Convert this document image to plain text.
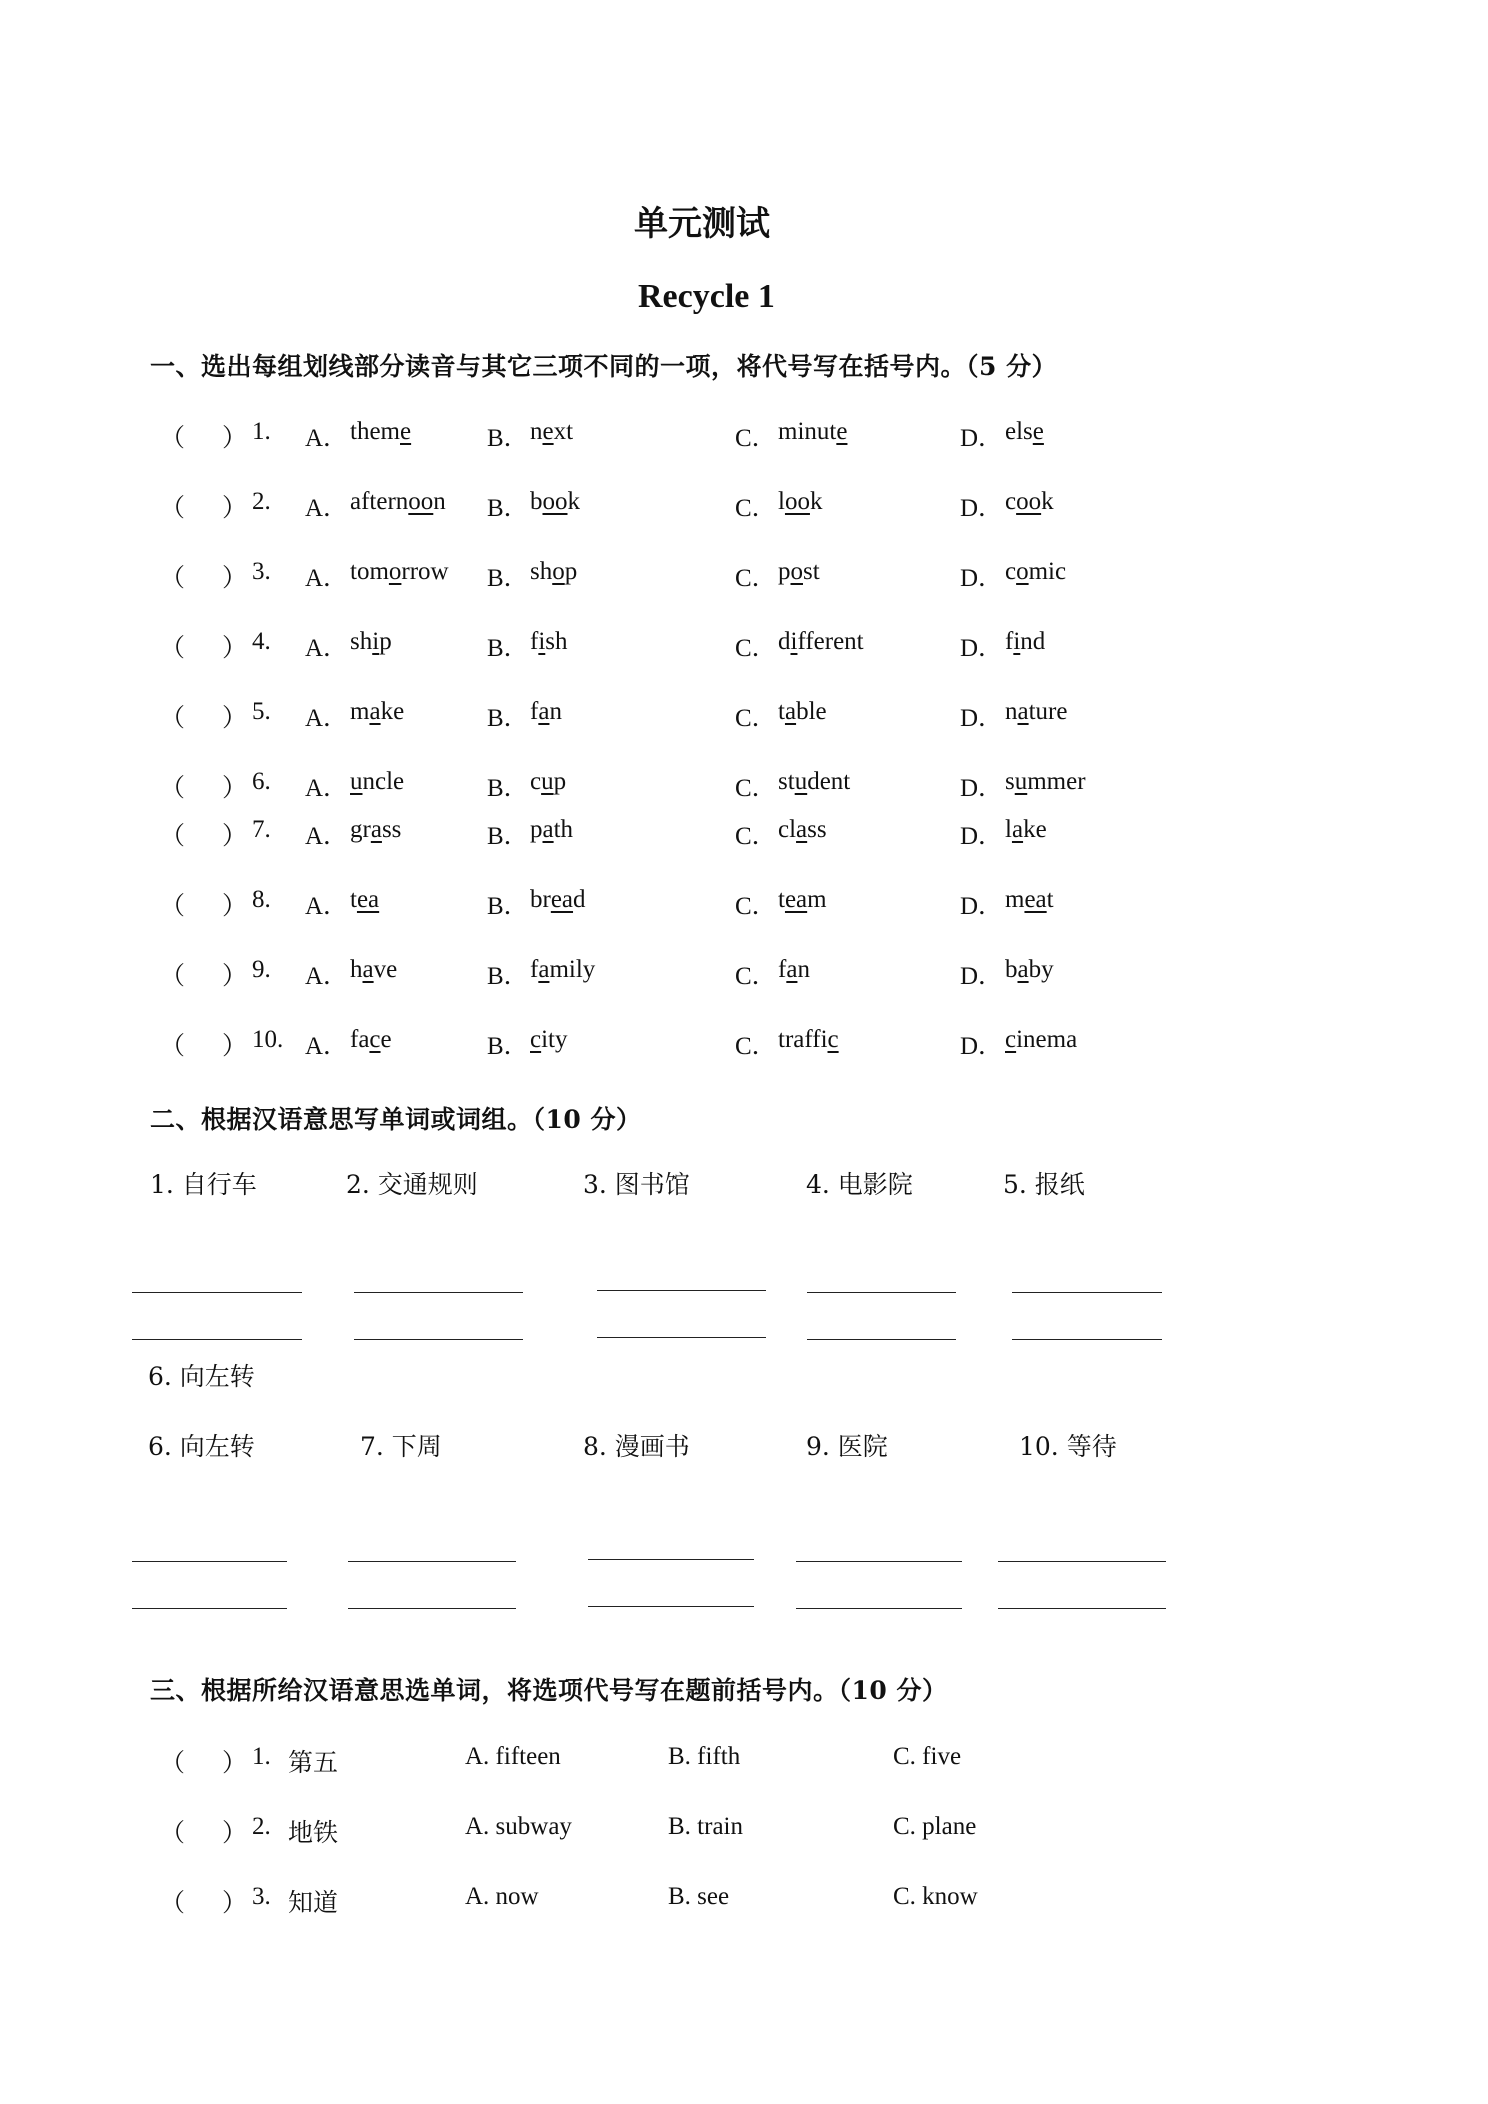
单元测试
Recycle 1
一、选出每组划线部分读音与其它三项不同的一项，将代号写在括号内。（5 分）
（ ） 1. A． theme	B． next	C． minute	D． else
（ ） 2. A． afternoon B． book	C． look	D． cook
（ ） 3. A． tomorrow B． shop	C． post	D． comic
（ ） 4. A． ship	B． fish	C． different	D． find
（ ） 5. A． make	B． fan	C． table	D． nature
（ ） 6. A． uncle	B． cup	C． student	D． summer
（ ） 7. A． grass	B． path	C． class	D． lake
（ ） 8. A． tea	B． bread	C． team	D． meat
（ ） 9. A． have	B． family	C． fan	D． baby
（ ） 10. A． face	B． city	C． traffic	D． cinema
二、根据汉语意思写单词或词组。（10 分）
1. 自行车	2. 交通规则	3. 图书馆	4. 电影院	5. 报纸
6. 向左转
6. 向左转	7. 下周	8. 漫画书	9. 医院	10. 等待
三、根据所给汉语意思选单词，将选项代号写在题前括号内。（10 分）
（ ） 1. 第五	A. fifteen	B. fifth	C. five
（ ） 2. 地铁	A. subway	B. train	C. plane
（ ） 3. 知道	A. now	B. see	C. know
